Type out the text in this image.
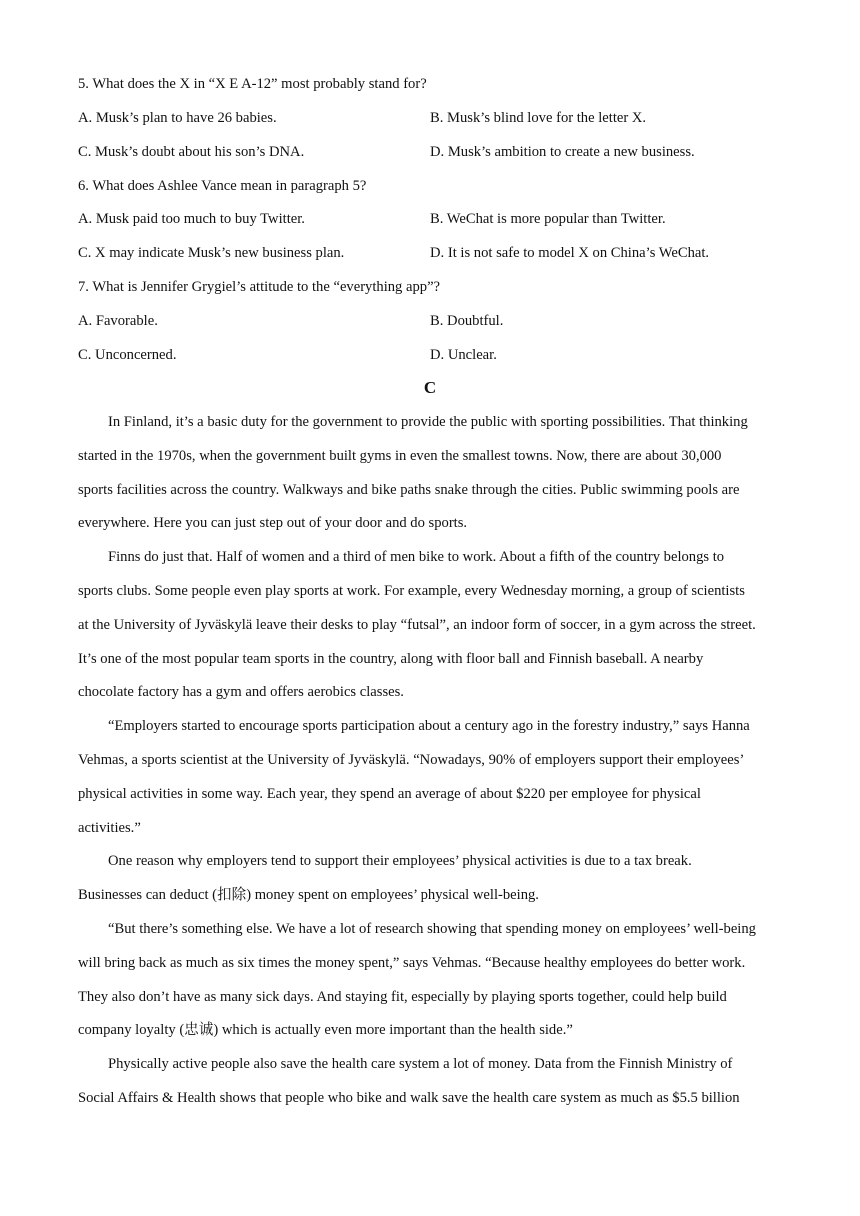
5. What does the X in “X E A-12” most probably stand for?
A. Musk’s plan to have 26 babies.	B. Musk’s blind love for the letter X.
C. Musk’s doubt about his son’s DNA.	D. Musk’s ambition to create a new business.
6. What does Ashlee Vance mean in paragraph 5?
A. Musk paid too much to buy Twitter.	B. WeChat is more popular than Twitter.
C. X may indicate Musk’s new business plan.	D. It is not safe to model X on China’s WeChat.
7. What is Jennifer Grygiel’s attitude to the “everything app”?
A. Favorable.	B. Doubtful.
C. Unconcerned.	D. Unclear.
C
In Finland, it’s a basic duty for the government to provide the public with sporting possibilities. That thinking
started in the 1970s, when the government built gyms in even the smallest towns. Now, there are about 30,000
sports facilities across the country. Walkways and bike paths snake through the cities. Public swimming pools are
everywhere. Here you can just step out of your door and do sports.
Finns do just that. Half of women and a third of men bike to work. About a fifth of the country belongs to
sports clubs. Some people even play sports at work. For example, every Wednesday morning, a group of scientists
at the University of Jyväskylä leave their desks to play “futsal”, an indoor form of soccer, in a gym across the street.
It’s one of the most popular team sports in the country, along with floor ball and Finnish baseball. A nearby
chocolate factory has a gym and offers aerobics classes.
“Employers started to encourage sports participation about a century ago in the forestry industry,” says Hanna
Vehmas, a sports scientist at the University of Jyväskylä. “Nowadays, 90% of employers support their employees’
physical activities in some way. Each year, they spend an average of about $220 per employee for physical
activities.”
One reason why employers tend to support their employees’ physical activities is due to a tax break.
Businesses can deduct (扣除) money spent on employees’ physical well-being.
“But there’s something else. We have a lot of research showing that spending money on employees’ well-being
will bring back as much as six times the money spent,” says Vehmas. “Because healthy employees do better work.
They also don’t have as many sick days. And staying fit, especially by playing sports together, could help build
company loyalty (忠诚) which is actually even more important than the health side.”
Physically active people also save the health care system a lot of money. Data from the Finnish Ministry of
Social Affairs & Health shows that people who bike and walk save the health care system as much as $5.5 billion
